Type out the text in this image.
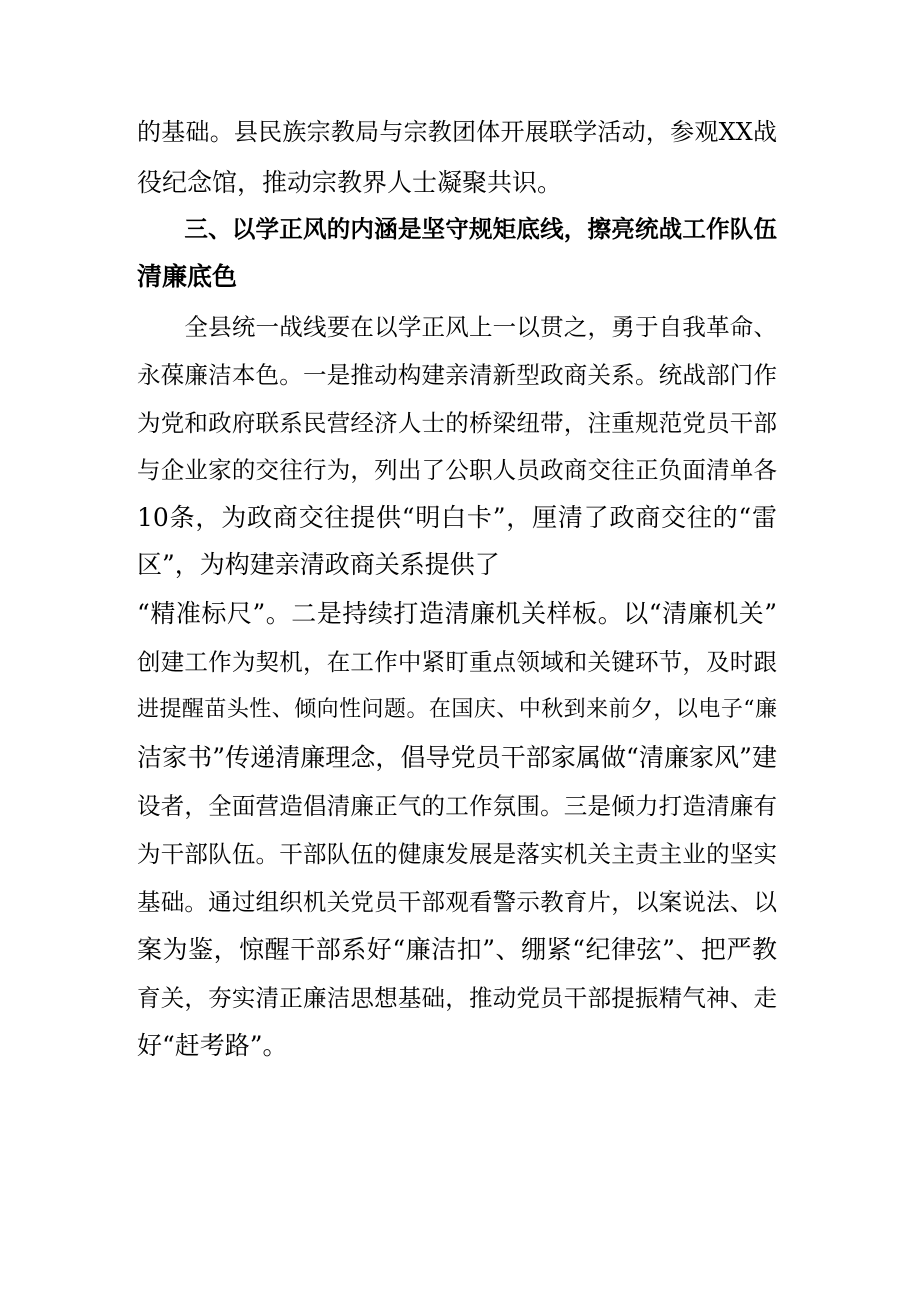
的基础。县民族宗教局与宗教团体开展联学活动，参观XX战
役纪念馆，推动宗教界人士凝聚共识。
　　三、以学正风的内涵是坚守规矩底线，擦亮统战工作队伍
清廉底色
　　全县统一战线要在以学正风上一以贯之，勇于自我革命、
永葆廉洁本色。一是推动构建亲清新型政商关系。统战部门作
为党和政府联系民营经济人士的桥梁纽带，注重规范党员干部
与企业家的交往行为，列出了公职人员政商交往正负面清单各
10条，为政商交往提供“明白卡”，厘清了政商交往的“雷
区”，为构建亲清政商关系提供了
“精准标尺”。二是持续打造清廉机关样板。以“清廉机关”
创建工作为契机，在工作中紧盯重点领域和关键环节，及时跟
进提醒苗头性、倾向性问题。在国庆、中秋到来前夕，以电子“廉
洁家书”传递清廉理念，倡导党员干部家属做“清廉家风”建
设者，全面营造倡清廉正气的工作氛围。三是倾力打造清廉有
为干部队伍。干部队伍的健康发展是落实机关主责主业的坚实
基础。通过组织机关党员干部观看警示教育片，以案说法、以
案为鉴，惊醒干部系好“廉洁扣”、绷紧“纪律弦”、把严教
育关，夯实清正廉洁思想基础，推动党员干部提振精气神、走
好“赶考路”。
